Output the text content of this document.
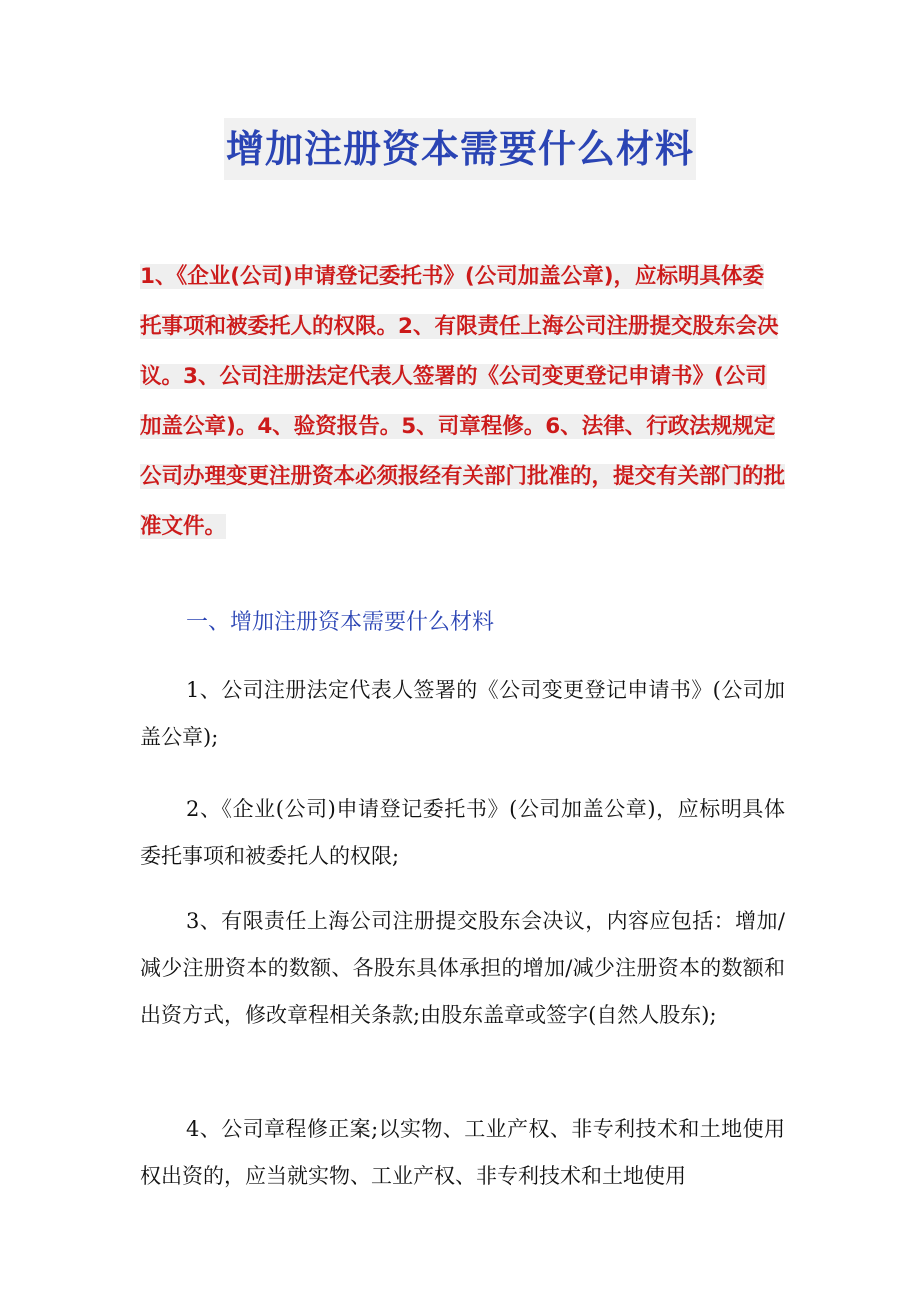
增加注册资本需要什么材料

1、《企业(公司)申请登记委托书》(公司加盖公章)，应标明具体委托事项和被委托人的权限。2、有限责任上海公司注册提交股东会决议。3、公司注册法定代表人签署的《公司变更登记申请书》(公司加盖公章)。4、验资报告。5、司章程修。6、法律、行政法规规定公司办理变更注册资本必须报经有关部门批准的，提交有关部门的批准文件。

一、增加注册资本需要什么材料

1、公司注册法定代表人签署的《公司变更登记申请书》(公司加盖公章);

2、《企业(公司)申请登记委托书》(公司加盖公章)，应标明具体委托事项和被委托人的权限;

3、有限责任上海公司注册提交股东会决议，内容应包括：增加/减少注册资本的数额、各股东具体承担的增加/减少注册资本的数额和出资方式，修改章程相关条款;由股东盖章或签字(自然人股东);

4、公司章程修正案;以实物、工业产权、非专利技术和土地使用权出资的，应当就实物、工业产权、非专利技术和土地使用
